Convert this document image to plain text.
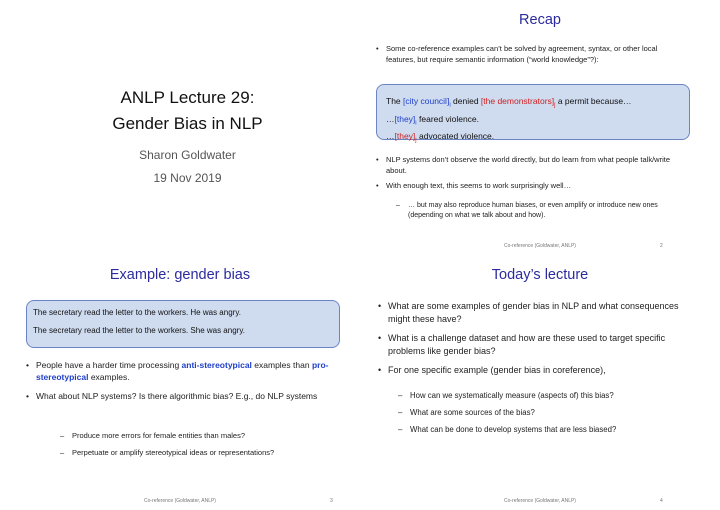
ANLP Lecture 29:
Gender Bias in NLP
Sharon Goldwater
19 Nov 2019
Recap
• Some co-reference examples can’t be solved by agreement, syntax, or other local features, but require semantic information (“world knowledge”?):
The [city $council]_i$ denied [the $demonstrators]_j$ a permit because…
$\dots[they]_i$ feared violence.
$\dots[they]_j$ advocated violence.
• NLP systems don’t observe the world directly, but do learn from what people talk/write about.
• With enough text, this seems to work surprisingly well…
– … but may also reproduce human biases, or even amplify or introduce new ones (depending on what we talk about and how).
Co-reference (Goldwater, ANLP)	2
Example: gender bias
The secretary read the letter to the workers. He was angry.
The secretary read the letter to the workers. She was angry.
• People have a harder time processing anti-stereotypical examples than pro-stereotypical examples.
• What about NLP systems? Is there algorithmic bias? E.g., do NLP systems
– Produce more errors for female entities than males?
– Perpetuate or amplify stereotypical ideas or representations?
Co-reference (Goldwater, ANLP)	3
Today’s lecture
• What are some examples of gender bias in NLP and what consequences might these have?
• What is a challenge dataset and how are these used to target specific problems like gender bias?
• For one specific example (gender bias in coreference),
– How can we systematically measure (aspects of) this bias?
– What are some sources of the bias?
– What can be done to develop systems that are less biased?
Co-reference (Goldwater, ANLP)	4
